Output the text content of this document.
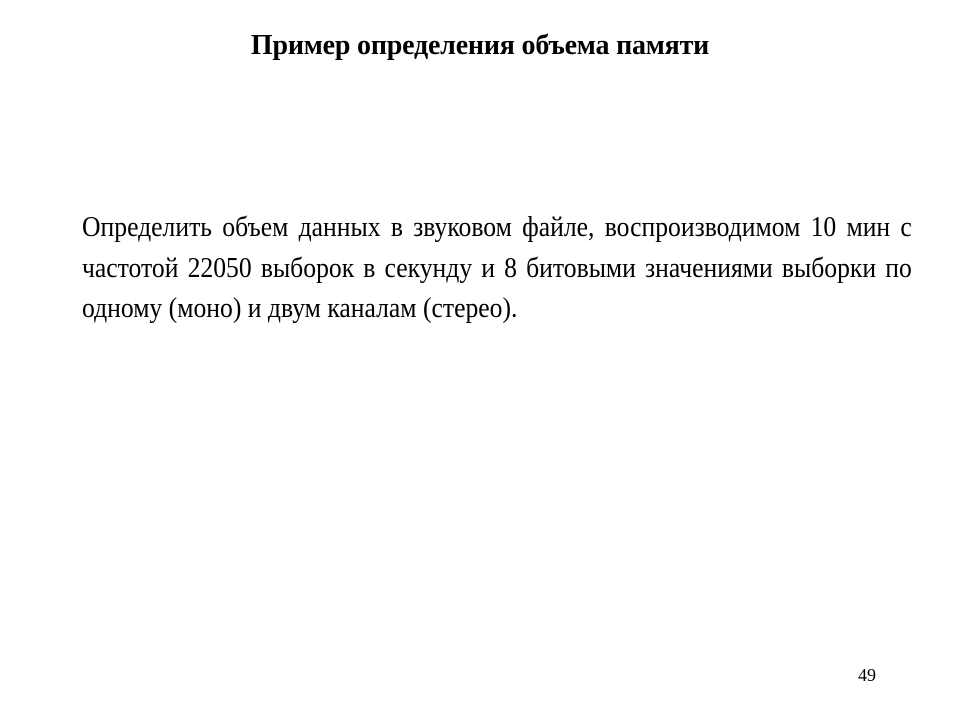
Пример определения объема памяти
Определить объем данных в звуковом файле, воспроизводимом 10 мин с частотой 22050 выборок в секунду и 8 битовыми значениями выборки по одному (моно) и двум каналам (стерео).
49
